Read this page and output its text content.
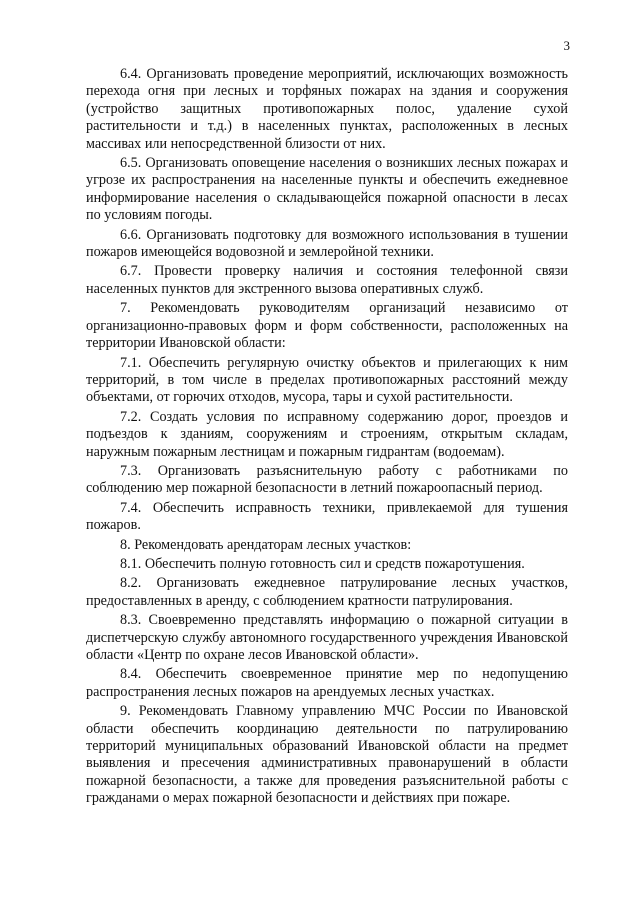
3

6.4. Организовать проведение мероприятий, исключающих возможность перехода огня при лесных и торфяных пожарах на здания и сооружения (устройство защитных противопожарных полос, удаление сухой растительности и т.д.) в населенных пунктах, расположенных в лесных массивах или непосредственной близости от них.

6.5. Организовать оповещение населения о возникших лесных пожарах и угрозе их распространения на населенные пункты и обеспечить ежедневное информирование населения о складывающейся пожарной опасности в лесах по условиям погоды.

6.6. Организовать подготовку для возможного использования в тушении пожаров имеющейся водовозной и землеройной техники.

6.7. Провести проверку наличия и состояния телефонной связи населенных пунктов для экстренного вызова оперативных служб.

7. Рекомендовать руководителям организаций независимо от организационно-правовых форм и форм собственности, расположенных на территории Ивановской области:

7.1. Обеспечить регулярную очистку объектов и прилегающих к ним территорий, в том числе в пределах противопожарных расстояний между объектами, от горючих отходов, мусора, тары и сухой растительности.

7.2. Создать условия по исправному содержанию дорог, проездов и подъездов к зданиям, сооружениям и строениям, открытым складам, наружным пожарным лестницам и пожарным гидрантам (водоемам).

7.3. Организовать разъяснительную работу с работниками по соблюдению мер пожарной безопасности в летний пожароопасный период.

7.4. Обеспечить исправность техники, привлекаемой для тушения пожаров.

8. Рекомендовать арендаторам лесных участков:

8.1. Обеспечить полную готовность сил и средств пожаротушения.

8.2. Организовать ежедневное патрулирование лесных участков, предоставленных в аренду, с соблюдением кратности патрулирования.

8.3. Своевременно представлять информацию о пожарной ситуации в диспетчерскую службу автономного государственного учреждения Ивановской области «Центр по охране лесов Ивановской области».

8.4. Обеспечить своевременное принятие мер по недопущению распространения лесных пожаров на арендуемых лесных участках.

9. Рекомендовать Главному управлению МЧС России по Ивановской области обеспечить координацию деятельности по патрулированию территорий муниципальных образований Ивановской области на предмет выявления и пресечения административных правонарушений в области пожарной безопасности, а также для проведения разъяснительной работы с гражданами о мерах пожарной безопасности и действиях при пожаре.
